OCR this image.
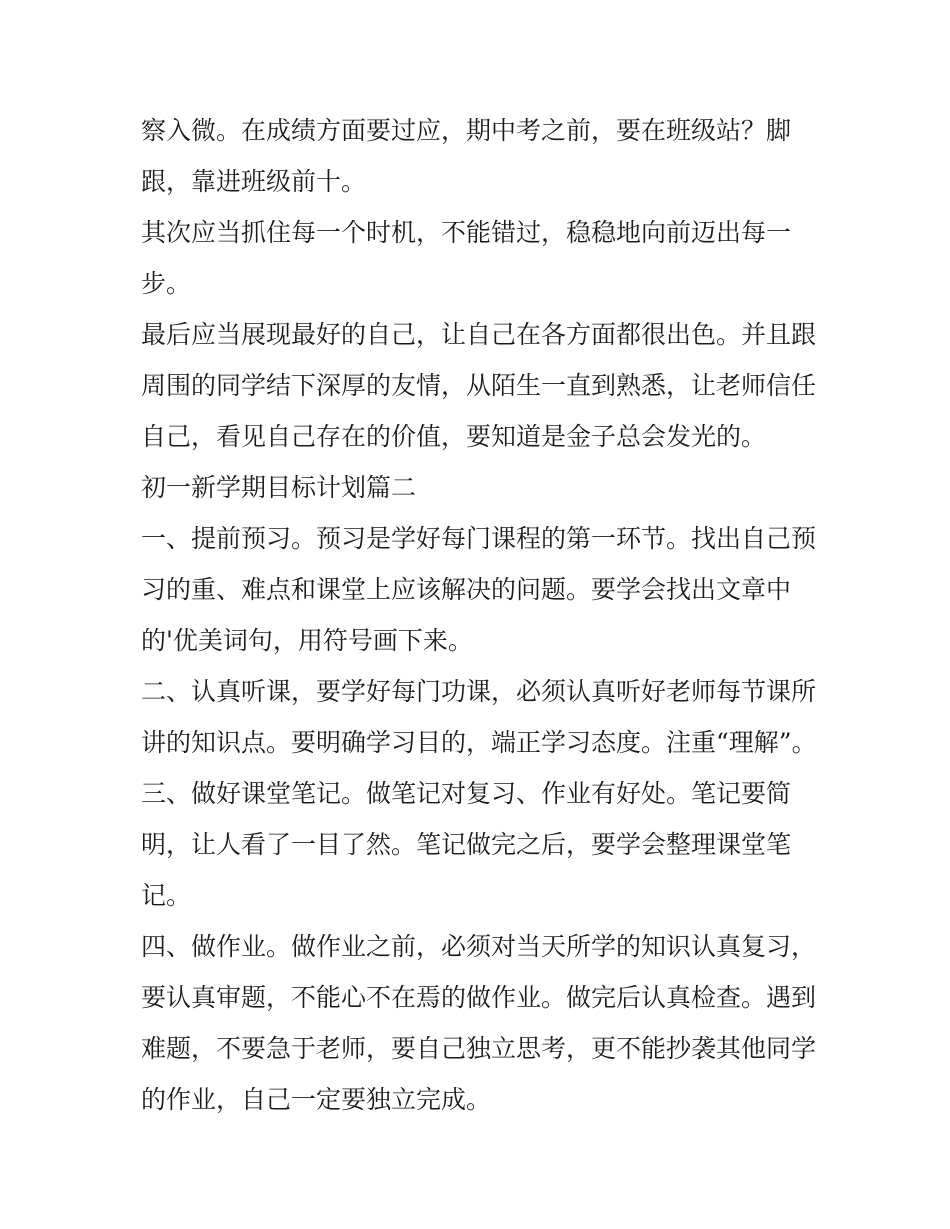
察入微。在成绩方面要过应，期中考之前，要在班级站？脚
跟，靠进班级前十。
其次应当抓住每一个时机，不能错过，稳稳地向前迈出每一
步。
最后应当展现最好的自己，让自己在各方面都很出色。并且跟
周围的同学结下深厚的友情，从陌生一直到熟悉，让老师信任
自己，看见自己存在的价值，要知道是金子总会发光的。
初一新学期目标计划篇二
一、提前预习。预习是学好每门课程的第一环节。找出自己预
习的重、难点和课堂上应该解决的问题。要学会找出文章中
的'优美词句，用符号画下来。
二、认真听课，要学好每门功课，必须认真听好老师每节课所
讲的知识点。要明确学习目的，端正学习态度。注重“理解”。
三、做好课堂笔记。做笔记对复习、作业有好处。笔记要简
明，让人看了一目了然。笔记做完之后，要学会整理课堂笔
记。
四、做作业。做作业之前，必须对当天所学的知识认真复习，
要认真审题，不能心不在焉的做作业。做完后认真检查。遇到
难题，不要急于老师，要自己独立思考，更不能抄袭其他同学
的作业，自己一定要独立完成。
